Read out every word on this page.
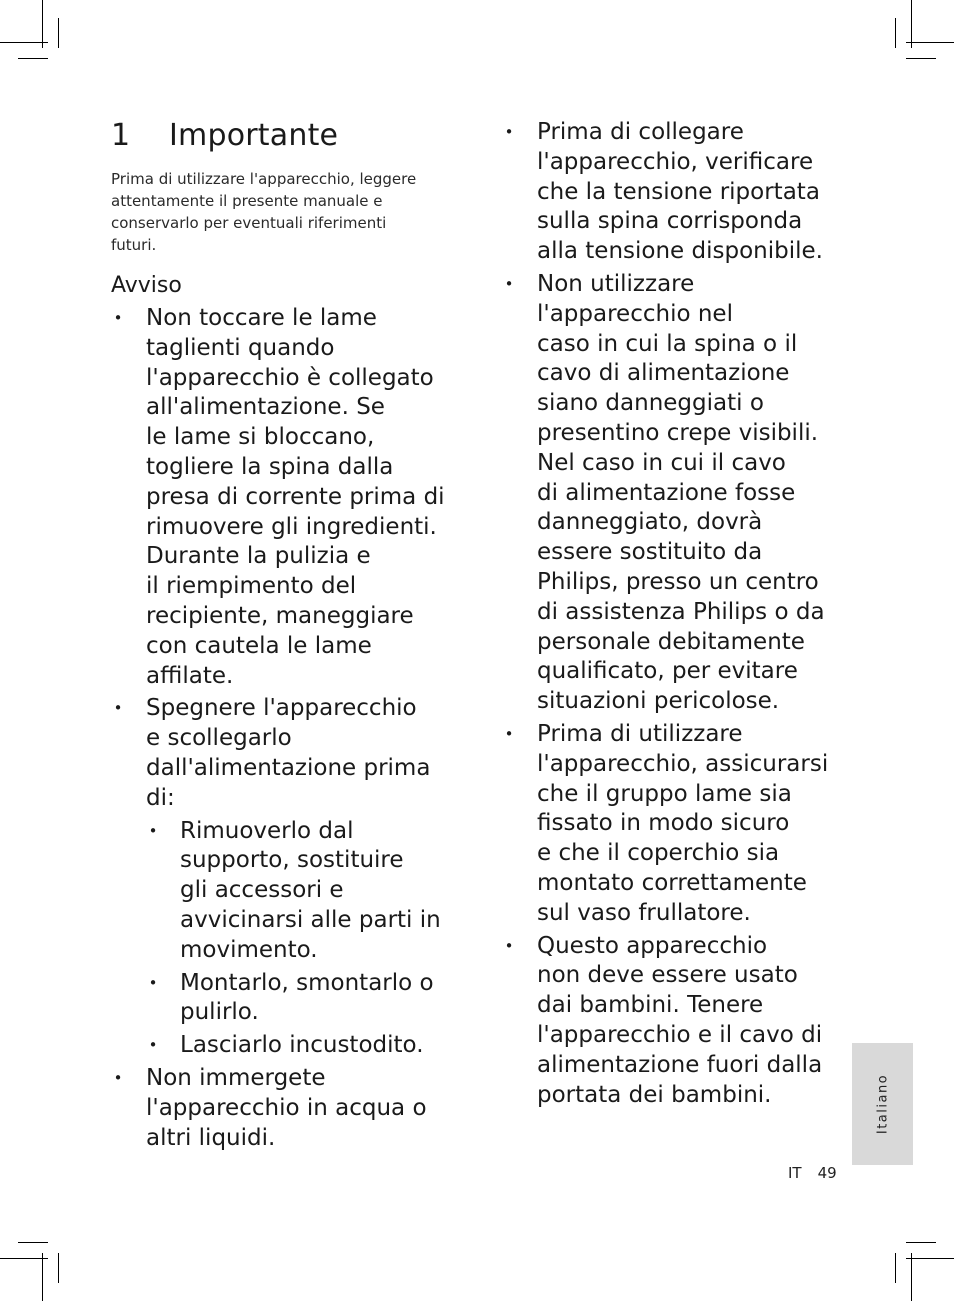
1 Importante

Prima di utilizzare l'apparecchio, leggere
attentamente il presente manuale e
conservarlo per eventuali riferimenti
futuri.

Avviso
• Non toccare le lame
taglienti quando
l'apparecchio è collegato
all'alimentazione. Se
le lame si bloccano,
togliere la spina dalla
presa di corrente prima di
rimuovere gli ingredienti.
Durante la pulizia e
il riempimento del
recipiente, maneggiare
con cautela le lame
affilate.
• Spegnere l'apparecchio
e scollegarlo
dall'alimentazione prima
di:
• Rimuoverlo dal
supporto, sostituire
gli accessori e
avvicinarsi alle parti in
movimento.
• Montarlo, smontarlo o
pulirlo.
• Lasciarlo incustodito.
• Non immergete
l'apparecchio in acqua o
altri liquidi.
• Prima di collegare
l'apparecchio, verificare
che la tensione riportata
sulla spina corrisponda
alla tensione disponibile.
• Non utilizzare
l'apparecchio nel
caso in cui la spina o il
cavo di alimentazione
siano danneggiati o
presentino crepe visibili.
Nel caso in cui il cavo
di alimentazione fosse
danneggiato, dovrà
essere sostituito da
Philips, presso un centro
di assistenza Philips o da
personale debitamente
qualificato, per evitare
situazioni pericolose.
• Prima di utilizzare
l'apparecchio, assicurarsi
che il gruppo lame sia
fissato in modo sicuro
e che il coperchio sia
montato correttamente
sul vaso frullatore.
• Questo apparecchio
non deve essere usato
dai bambini. Tenere
l'apparecchio e il cavo di
alimentazione fuori dalla
portata dei bambini.	Italiano
IT 49
